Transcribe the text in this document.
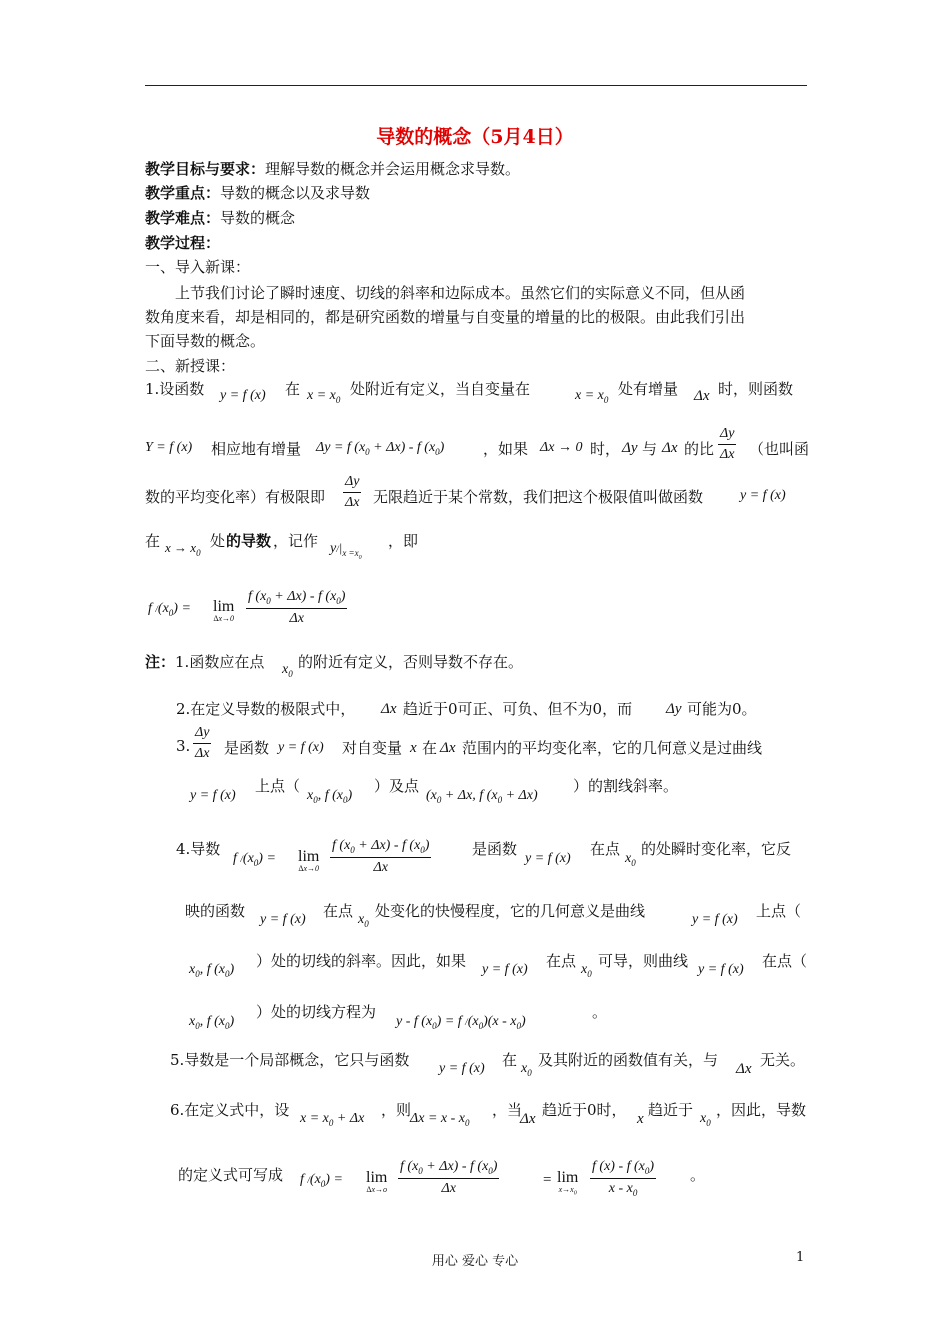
导数的概念（5月4日）
教学目标与要求：理解导数的概念并会运用概念求导数。
教学重点：导数的概念以及求导数
教学难点：导数的概念
教学过程：
一、导入新课：
上节我们讨论了瞬时速度、切线的斜率和边际成本。虽然它们的实际意义不同，但从函
数角度来看，却是相同的，都是研究函数的增量与自变量的增量的比的极限。由此我们引出
下面导数的概念。
二、新授课：
1.设函数 y = f (x) 在 $x = x_0$
处附近有定义，当自变量在	$x = x_0$
处有增量 Δx 时，则函数
Y = f (x) 相应地有增量 Δy = f $(x_0 + \Delta x) - f$ $(x_0)$	，如果 Δx → 0 时， Δy 与 Δx 的比 $\frac{\Delta y}{\Delta x}$ （也叫函
数的平均变化率）有极限即 $\frac{\Delta y}{\Delta x}$ 无限趋近于某个常数，我们把这个极限值叫做函数	y = f (x)
在 $x \to x_0$
处 的导数 ，记作 $y/|_{x =x_0}$
，即
f $/(x_0) = \lim$
$\Delta x\to 0 \frac{f (x_0 + \Delta x) - f (x_0)}{\Delta x}$
注：1.函数应在点 $x_0$
的附近有定义，否则导数不存在。
2.在定义导数的极限式中， Δx 趋近于0可正、可负、但不为0，而 Δy 可能为0。
3. $\frac{\Delta y}{\Delta x}$ 是函数 y = f (x) 对自变量 x 在 Δx 范围内的平均变化率，它的几何意义是过曲线
y = f (x)
上点（
$x_0$, f $(x_0)$
）及点
($x_0 + \Delta x$, f $(x_0 + \Delta x)$
）的割线斜率。
4.导数
f $/(x_0) = \lim$
$\Delta x\to 0 \frac{f (x_0 + \Delta x) - f (x_0)}{\Delta x}$	是函数
y = f (x)
在点
$x_0$
的处瞬时变化率，它反
映的函数 y = f (x) 在点 $x_0$
处变化的快慢程度，它的几何意义是曲线	y = f (x) 上点（
$x_0$, f $(x_0)$ ）处的切线的斜率。因此，如果 y = f (x) 在点 $x_0$
可导，则曲线 y = f (x) 在点（
$x_0$, f $(x_0)$
）处的切线方程为
y - f $(x_0) = f$ $/(x_0)(x - x_0)$
。
5.导数是一个局部概念，它只与函数 y = f (x) 在 $x_0$
及其附近的函数值有关，与 Δx 无关。
6.在定义式中，设 $x = x_0 + \Delta x$ ，则
$\Delta x = x - x_0$
，当
Δx 趋近于0时， x 趋近于 $x_0$
，因此，导数
的定义式可写成 f $/(x_0) = \lim$
$\Delta x\to o \frac{f (x_0 + \Delta x) - f (x_0)}{\Delta x}$	= lim
$x\to x_0 \frac{f (x) - f (x_0)}{x - x_0}$ 。
用心 爱心 专心	1
